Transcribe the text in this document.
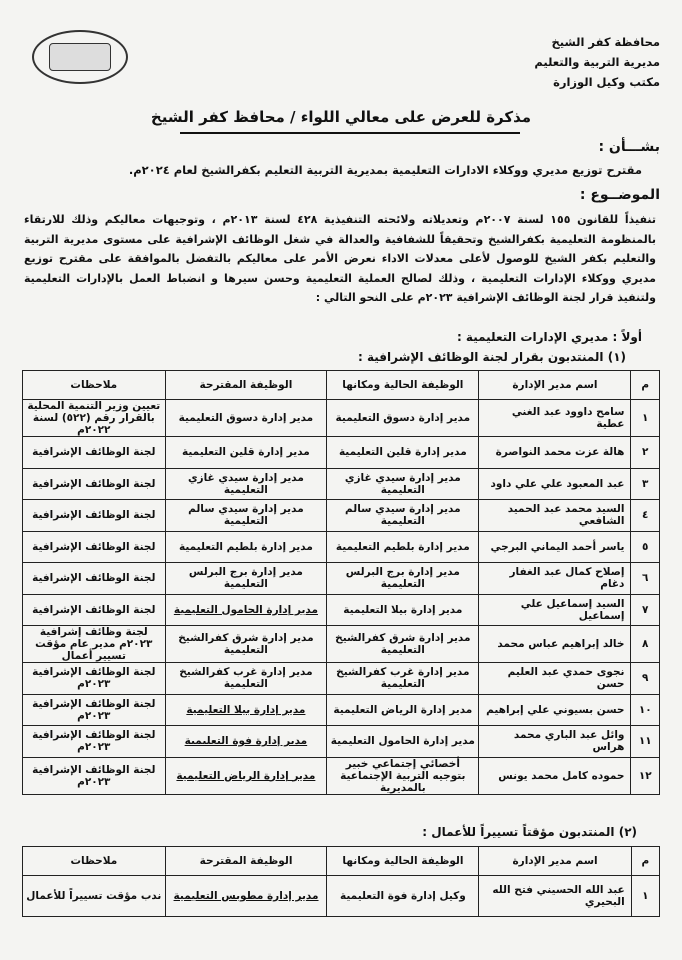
محافظة كفر الشيخ
مديرية التربية والتعليم
مكتب وكيل الوزارة
مذكرة للعرض على معالي اللواء / محافظ كفر الشيخ
بشـــأن :
مقترح توزيع مديري ووكلاء الادارات التعليمية بمديرية التربية التعليم بكفرالشيخ لعام ٢٠٢٤م.
الموضــوع :
تنفيذاً للقانون ١٥٥ لسنة ٢٠٠٧م وتعديلاته ولائحته التنفيذية ٤٢٨ لسنة ٢٠١٣م ، وتوجيهات معاليكم وذلك للارتقاء بالمنظومة التعليمية بكفرالشيخ وتحقيقاً للشفافية والعدالة في شغل الوظائف الإشرافية على مستوى مديرية التربية والتعليم بكفر الشيخ للوصول لأعلى معدلات الاداء نعرض الأمر على معاليكم بالتفضل بالموافقة على مقترح توزيع مديري ووكلاء الإدارات التعليمية ، وذلك لصالح العملية التعليمية وحسن سيرها و انضباط العمل بالإدارات التعليمية ولتنفيذ قرار لجنة الوظائف الإشرافية ٢٠٢٣م على النحو التالي :
أولاً : مديري الإدارات التعليمية :
(١) المنتدبون بقرار لجنة الوظائف الإشرافية :
م	اسم مدير الإدارة	الوظيفة الحالية ومكانها	الوظيفة المقترحة	ملاحظات
١	سامح داوود عبد الغني عطية	مدير إدارة دسوق التعليمية	مدير إدارة دسوق التعليمية	تعيين وزير التنمية المحلية بالقرار رقم (٥٢٢) لسنة ٢٠٢٢م
٢	هالة عزت محمد النواصرة	مدير إدارة قلين التعليمية	مدير إدارة قلين التعليمية	لجنة الوظائف الإشرافية
٣	عبد المعبود علي علي داود	مدير إدارة سيدي غازي التعليمية	مدير إدارة سيدي غازي التعليمية	لجنة الوظائف الإشرافية
٤	السيد محمد عبد الحميد الشافعي	مدير إدارة سيدي سالم التعليمية	مدير إدارة سيدي سالم التعليمية	لجنة الوظائف الإشرافية
٥	ياسر أحمد اليماني البرجي	مدير إدارة بلطيم التعليمية	مدير إدارة بلطيم التعليمية	لجنة الوظائف الإشرافية
٦	إصلاح كمال عبد الغفار دغام	مدير إدارة برج البرلس التعليمية	مدير إدارة برج البرلس التعليمية	لجنة الوظائف الإشرافية
٧	السيد إسماعيل علي إسماعيل	مدير إدارة بيلا التعليمية	مدير إدارة الحامول التعليمية	لجنة الوظائف الإشرافية
٨	خالد إبراهيم عباس محمد	مدير إدارة شرق كفرالشيخ التعليمية	مدير إدارة شرق كفرالشيخ التعليمية	لجنة وظائف إشرافية ٢٠٢٣م مدير عام مؤقت تسيير أعمال
٩	نجوى حمدي عبد العليم حسن	مدير إدارة غرب كفرالشيخ التعليمية	مدير إدارة غرب كفرالشيخ التعليمية	لجنة الوظائف الإشرافية ٢٠٢٣م
١٠	حسن بسيوني علي إبراهيم	مدير إدارة الرياض التعليمية	مدير إدارة بيلا التعليمية	لجنة الوظائف الإشرافية ٢٠٢٣م
١١	وائل عبد الباري محمد هراس	مدير إدارة الحامول التعليمية	مدير إدارة فوة التعليمية	لجنة الوظائف الإشرافية ٢٠٢٣م
١٢	حموده كامل محمد يونس	أخصائي إجتماعي خبير بتوجيه التربية الإجتماعية بالمديرية	مدير إدارة الرياض التعليمية	لجنة الوظائف الإشرافية ٢٠٢٣م
(٢) المنتدبون مؤقتاً تسييراً للأعمال :
م	اسم مدير الإدارة	الوظيفة الحالية ومكانها	الوظيفة المقترحة	ملاحظات
١	عبد الله الحسيني فتح الله البحيري	وكيل إدارة فوة التعليمية	مدير إدارة مطوبس التعليمية	ندب مؤقت تسييراً للأعمال
